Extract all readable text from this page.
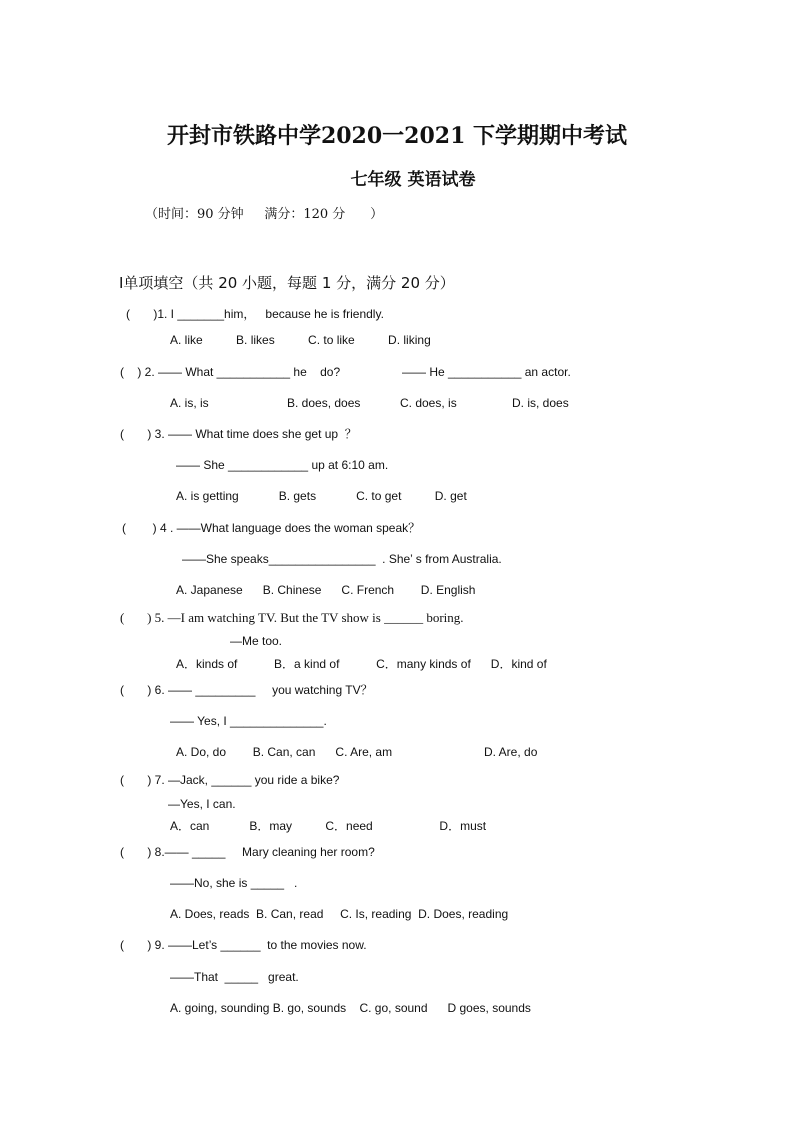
开封市铁路中学2020一2021 下学期期中考试
七年级 英语试卷
（时间：90 分钟     满分：120 分      ）
Ⅰ单项填空（共 20 小题，每题 1 分，满分 20 分）
(       )1. I _______him，   because he is friendly.
A. like          B. likes          C. to like          D. liking
(    ) 2. —— What ___________ he    do?	—— He ___________ an actor.
A. is, is	B. does, does	C. does, is	D. is, does
(       ) 3. —— What time does she get up  ？
—— She ____________ up at 6:10 am.
A. is getting            B. gets            C. to get          D. get
(        ) 4 . ——What language does the woman speak？
——She speaks________________  . She’ s from Australia.
A. Japanese      B. Chinese      C. French        D. English
(       ) 5. —I am watching TV. But the TV show is ______ boring.
—Me too.
A．kinds of           B．a kind of           C．many kinds of      D．kind of
(       ) 6. —— _________     you watching TV？
—— Yes, I ______________.
A. Do, do        B. Can, can      C. Are, am	D. Are, do
(       ) 7. —Jack, ______ you ride a bike?
—Yes, I can.
A．can            B．may          C．need                    D．must
(       ) 8.—— _____     Mary cleaning her room?
——No, she is _____   .
A. Does, reads  B. Can, read     C. Is, reading  D. Does, reading
(       ) 9. ——Let’s ______  to the movies now.
——That  _____   great.
A. going, sounding B. go, sounds    C. go, sound      D goes, sounds
